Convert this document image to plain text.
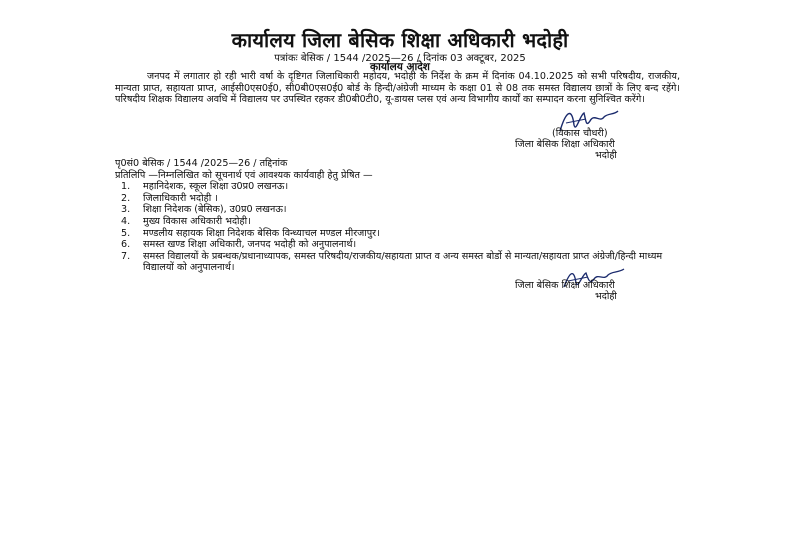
कार्यालय जिला बेसिक शिक्षा अधिकारी भदोही
पत्रांकः बेसिक / 1544 /2025—26 / दिनांक 03 अक्टूबर, 2025
कार्यालय आदेश
जनपद में लगातार हो रही भारी वर्षा के दृष्टिगत जिलाधिकारी महोदय, भदोही के निर्देश के क्रम में दिनांक 04.10.2025 को सभी परिषदीय, राजकीय, मान्यता प्राप्त, सहायता प्राप्त, आईसी0एस0ई0, सी0बी0एस0ई0 बोर्ड के हिन्दी/अंग्रेजी माध्यम के कक्षा 01 से 08 तक समस्त विद्यालय छात्रों के लिए बन्द रहेंगे। परिषदीय शिक्षक विद्यालय अवधि में विद्यालय पर उपस्थित रहकर डी0बी0टी0, यू-डायस प्लस एवं अन्य विभागीय कार्यों का सम्पादन करना सुनिश्चित करेंगे।
(विकास चौधरी)
जिला बेसिक शिक्षा अधिकारी
भदोही
पृ0सं0 बेसिक / 1544 /2025—26 / तद्दिनांक
प्रतिलिपि —निम्नलिखित को सूचनार्थ एवं आवश्यक कार्यवाही हेतु प्रेषित —
1.	महानिदेशक, स्कूल शिक्षा उ0प्र0 लखनऊ।
2.	जिलाधिकारी भदोही ।
3.	शिक्षा निदेशक (बेसिक), उ0प्र0 लखनऊ।
4.	मुख्य विकास अधिकारी भदोही।
5.	मण्डलीय सहायक शिक्षा निदेशक बेसिक विन्ध्याचल मण्डल मीरजापुर।
6.	समस्त खण्ड शिक्षा अधिकारी, जनपद भदोही को अनुपालनार्थ।
7.	समस्त विद्यालयों के प्रबन्धक/प्रधानाध्यापक, समस्त परिषदीय/राजकीय/सहायता प्राप्त व अन्य समस्त बोर्डो से मान्यता/सहायता प्राप्त अंग्रेजी/हिन्दी माध्यम विद्यालयों को अनुपालनार्थ।
जिला बेसिक शिक्षा अधिकारी
भदोही
